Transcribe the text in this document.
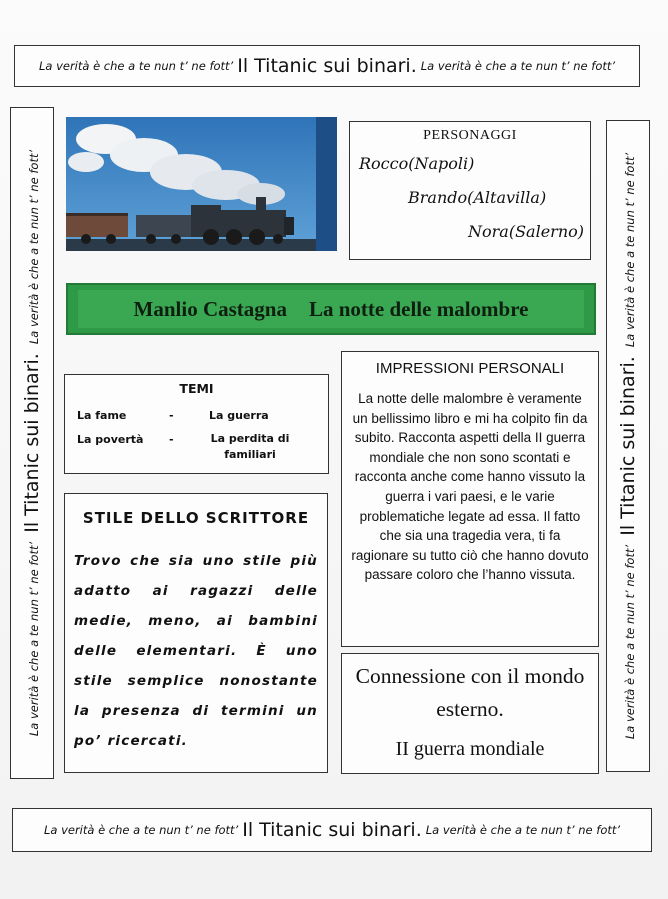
La verità è che a te nun t’ ne fott’ Il Titanic sui binari. La verità è che a te nun t’ ne fott’
La verità è che a te nun t’ ne fott’ Il Titanic sui binari. La verità è che a te nun t’ ne fott’
La verità è che a te nun t’ ne fott’ Il Titanic sui binari. La verità è che a te nun t’ ne fott’
PERSONAGGI
Rocco(Napoli)
Brando(Altavilla)
Nora(Salerno)
Manlio Castagna La notte delle malombre
TEMI
La fame	-	La guerra
La povertà -	La perdita di familiari
STILE DELLO SCRITTORE
Trovo che sia uno stile più adatto ai ragazzi delle medie, meno, ai bambini delle elementari. È uno stile semplice nonostante la presenza di termini un po’ ricercati.
IMPRESSIONI PERSONALI
La notte delle malombre è veramente un bellissimo libro e mi ha colpito fin da subito. Racconta aspetti della II guerra mondiale che non sono scontati e racconta anche come hanno vissuto la guerra i vari paesi, e le varie problematiche legate ad essa. Il fatto che sia una tragedia vera, ti fa ragionare su tutto ciò che hanno dovuto passare coloro che l’hanno vissuta.
Connessione con il mondo esterno.
II guerra mondiale
La verità è che a te nun t’ ne fott’ Il Titanic sui binari. La verità è che a te nun t’ ne fott’
